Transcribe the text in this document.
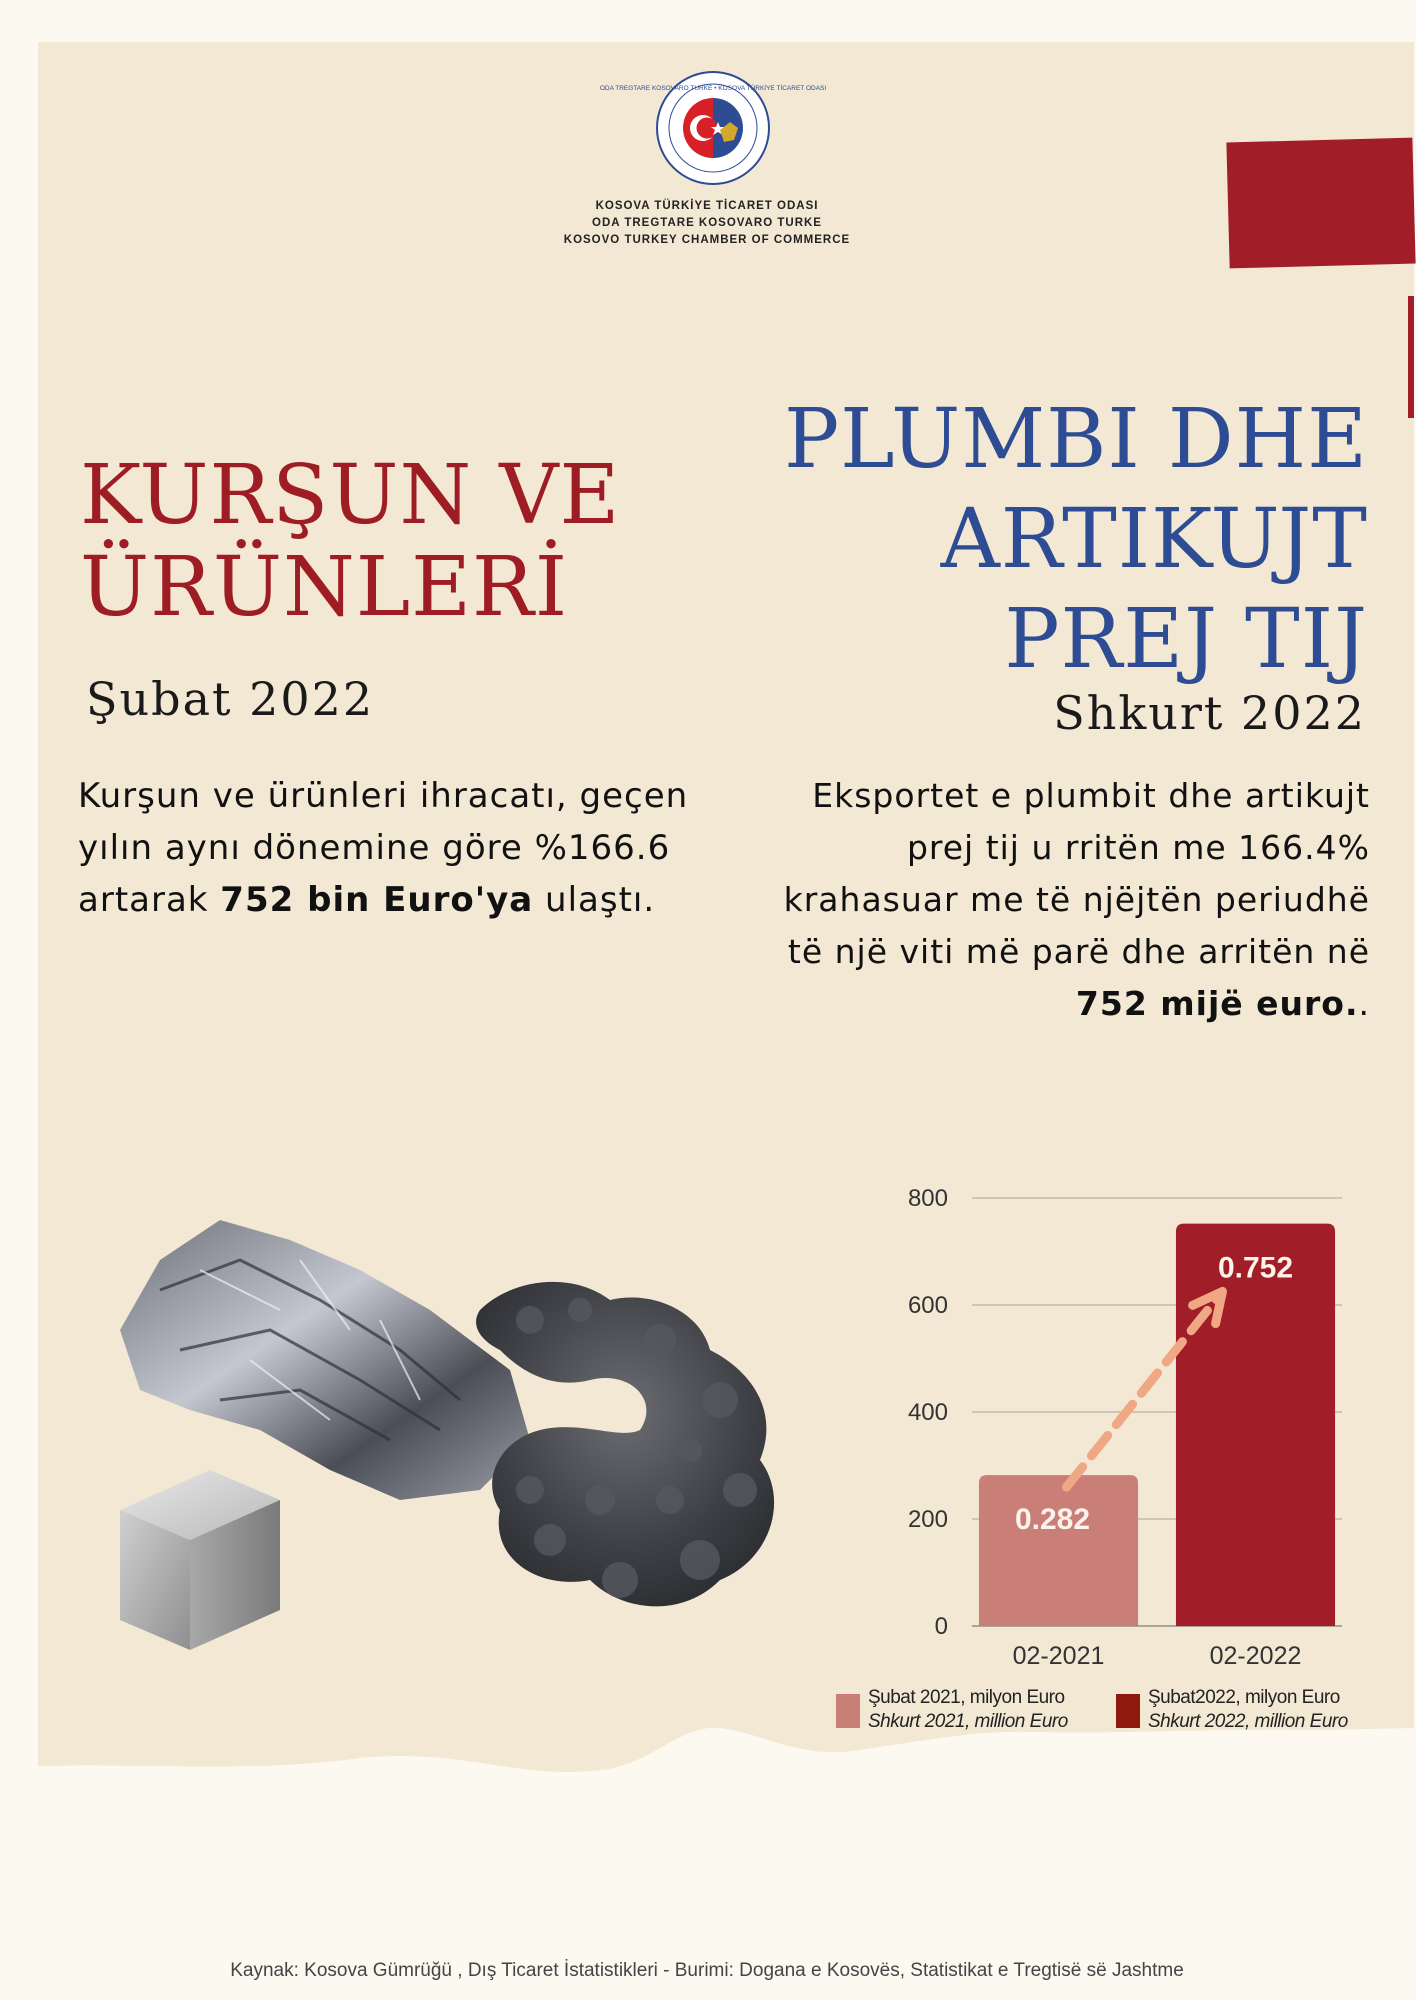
ODA TREGTARE KOSOVARO TURKE • KOSOVA TÜRKİYE TİCARET ODASI
KOSOVA TÜRKİYE TİCARET ODASI
ODA TREGTARE KOSOVARO TURKE
KOSOVO TURKEY CHAMBER OF COMMERCE
KURŞUN VE
ÜRÜNLERİ
PLUMBI DHE
ARTIKUJT
PREJ TIJ
Şubat 2022	Shkurt 2022
Kurşun ve ürünleri ihracatı, geçen yılın aynı dönemine göre %166.6 artarak 752 bin Euro'ya ulaştı.
Eksportet e plumbit dhe artikujt prej tij u rritën me 166.4% krahasuar me të njëjtën periudhë të një viti më parë dhe arritën në 752 mijë euro..
0
200
400
600
800
02-2021	02-2022
0.282
0.752
Şubat 2021, milyon Euro
Shkurt 2021, million Euro
Şubat2022, milyon Euro
Shkurt 2022, million Euro
Kaynak: Kosova Gümrüğü , Dış Ticaret İstatistikleri - Burimi: Dogana e Kosovës, Statistikat e Tregtisë së Jashtme
